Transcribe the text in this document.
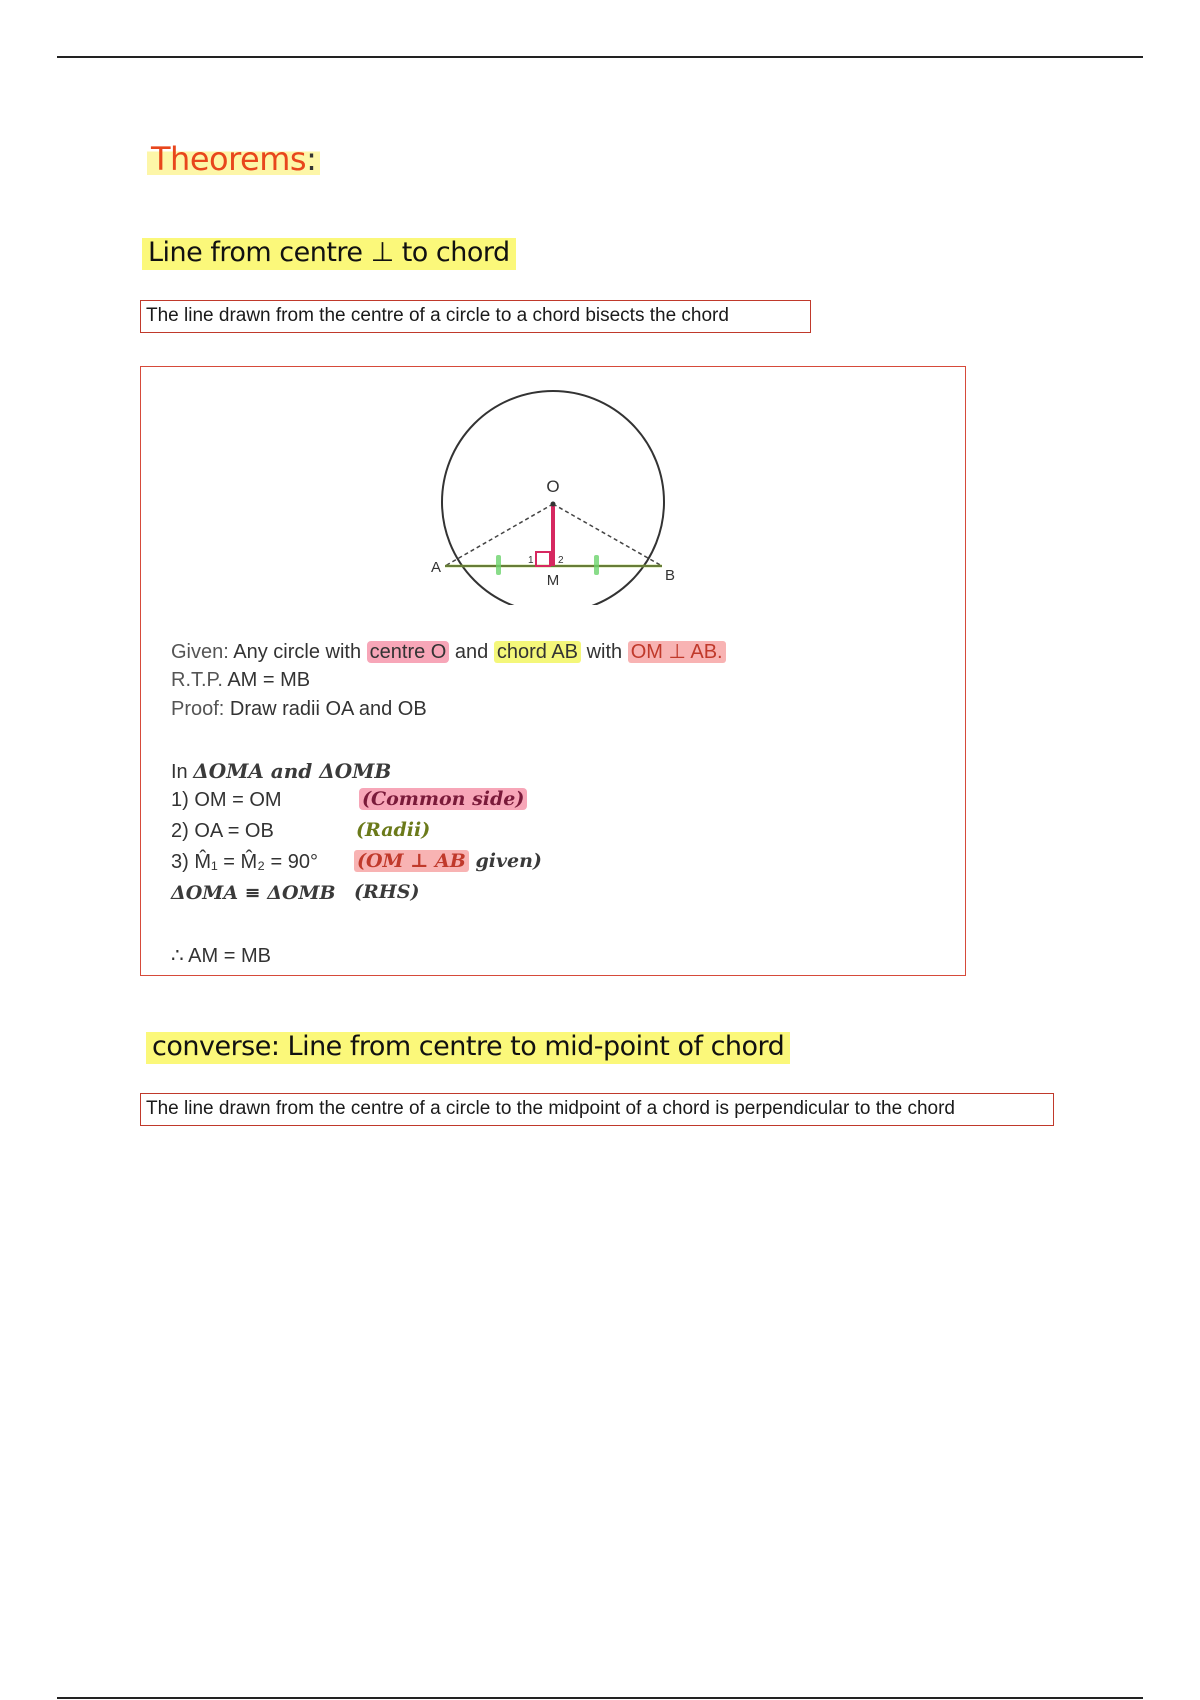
Theorems:
Line from centre ⊥ to chord
The line drawn from the centre of a circle to a chord bisects the chord
O
A	B
M
1 2
Given: Any circle with centre O and chord AB with OM ⊥ AB.
R.T.P. AM = MB
Proof: Draw radii OA and OB
In ΔOMA and ΔOMB
1) OM = OM	(Common side)
2) OA = OB	(Radii)
3) M̂₁ = M̂₂ = 90° (OM ⊥ AB given)
ΔOMA ≡ ΔOMB (RHS)
∴ AM = MB
converse: Line from centre to mid-point of chord
The line drawn from the centre of a circle to the midpoint of a chord is perpendicular to the chord
